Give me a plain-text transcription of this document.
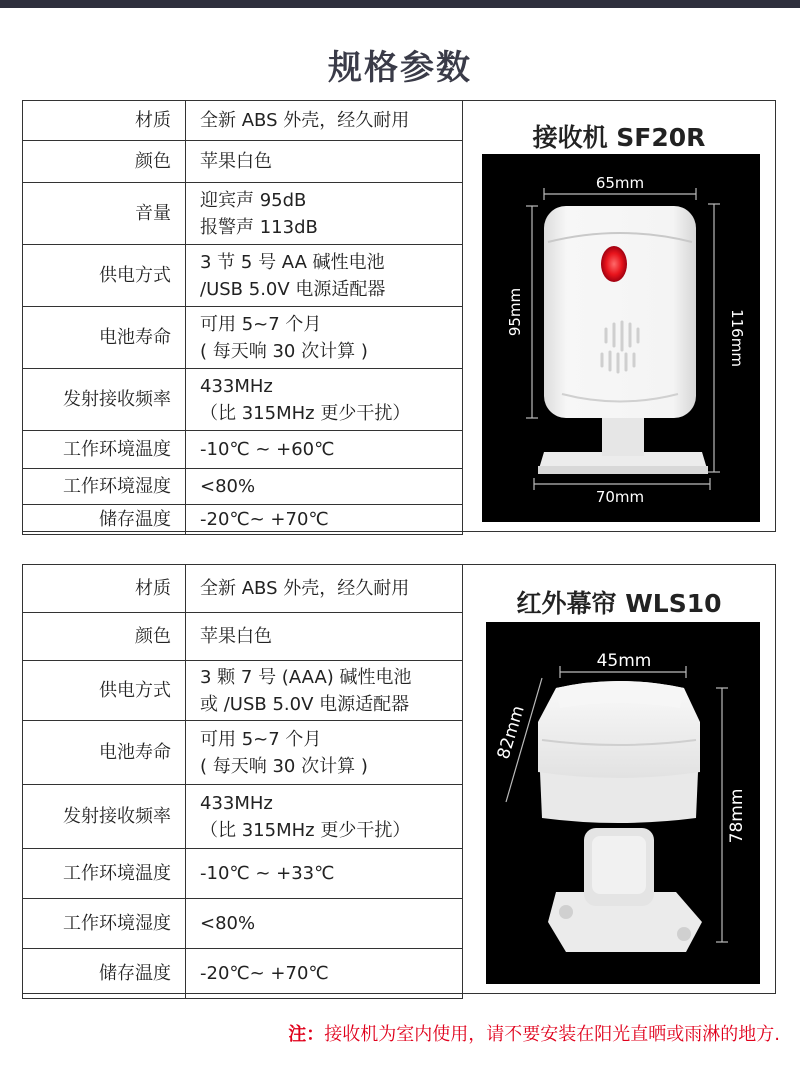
规格参数
材质	全新 ABS 外壳，经久耐用

颜色	苹果白色

音量	迎宾声 95dB
报警声 113dB

供电方式	3 节 5 号 AA 碱性电池
/USB 5.0V 电源适配器

电池寿命	可用 5~7 个月
( 每天响 30 次计算 )

发射接收频率	433MHz
（比 315MHz 更少干扰）

工作环境温度	-10℃ ~ +60℃

工作环境湿度	<80%

储存温度	-20℃~ +70℃
接收机 SF20R
65mm
70mm
95mm	116mm
材质	全新 ABS 外壳，经久耐用

颜色	苹果白色

供电方式	3 颗 7 号 (AAA) 碱性电池
或 /USB 5.0V 电源适配器

电池寿命	可用 5~7 个月
( 每天响 30 次计算 )

发射接收频率	433MHz
（比 315MHz 更少干扰）

工作环境温度	-10℃ ~ +33℃

工作环境湿度	<80%

储存温度	-20℃~ +70℃
红外幕帘 WLS10
45mm
82mm
78mm
注：接收机为室内使用，请不要安装在阳光直晒或雨淋的地方.
